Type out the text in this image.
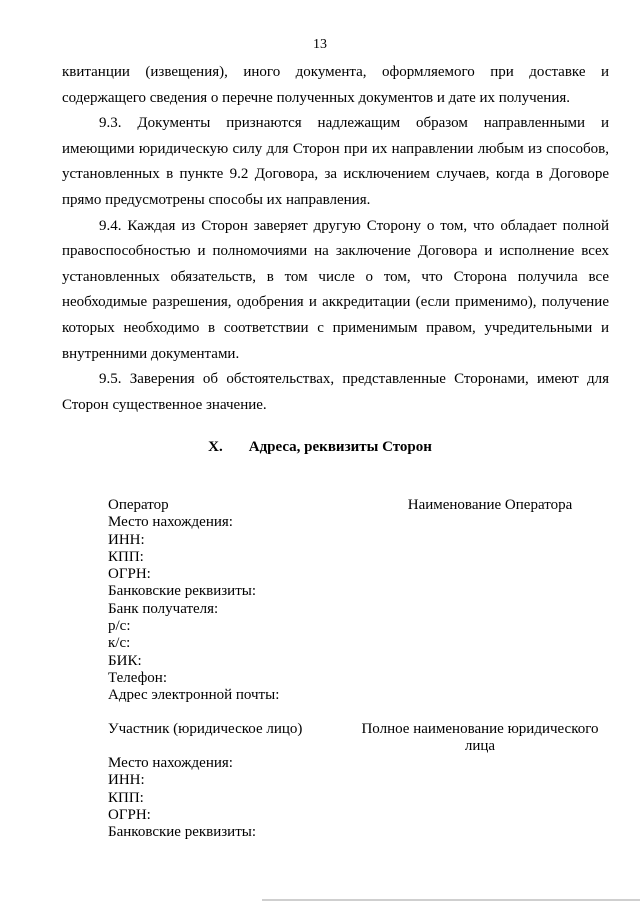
13

квитанции (извещения), иного документа, оформляемого при доставке и содержащего сведения о перечне полученных документов и дате их получения.

9.3. Документы признаются надлежащим образом направленными и имеющими юридическую силу для Сторон при их направлении любым из способов, установленных в пункте 9.2 Договора, за исключением случаев, когда в Договоре прямо предусмотрены способы их направления.

9.4. Каждая из Сторон заверяет другую Сторону о том, что обладает полной правоспособностью и полномочиями на заключение Договора и исполнение всех установленных обязательств, в том числе о том, что Сторона получила все необходимые разрешения, одобрения и аккредитации (если применимо), получение которых необходимо в соответствии с применимым правом, учредительными и внутренними документами.

9.5. Заверения об обстоятельствах, представленные Сторонами, имеют для Сторон существенное значение.

X. Адреса, реквизиты Сторон
Оператор
Место нахождения:
ИНН:
КПП:
ОГРН:
Банковские реквизиты:
Банк получателя:
р/с:
к/с:
БИК:
Телефон:
Адрес электронной почты:
Наименование Оператора
Участник (юридическое лицо)	Полное наименование юридического
лица
Место нахождения:
ИНН:
КПП:
ОГРН:
Банковские реквизиты:
